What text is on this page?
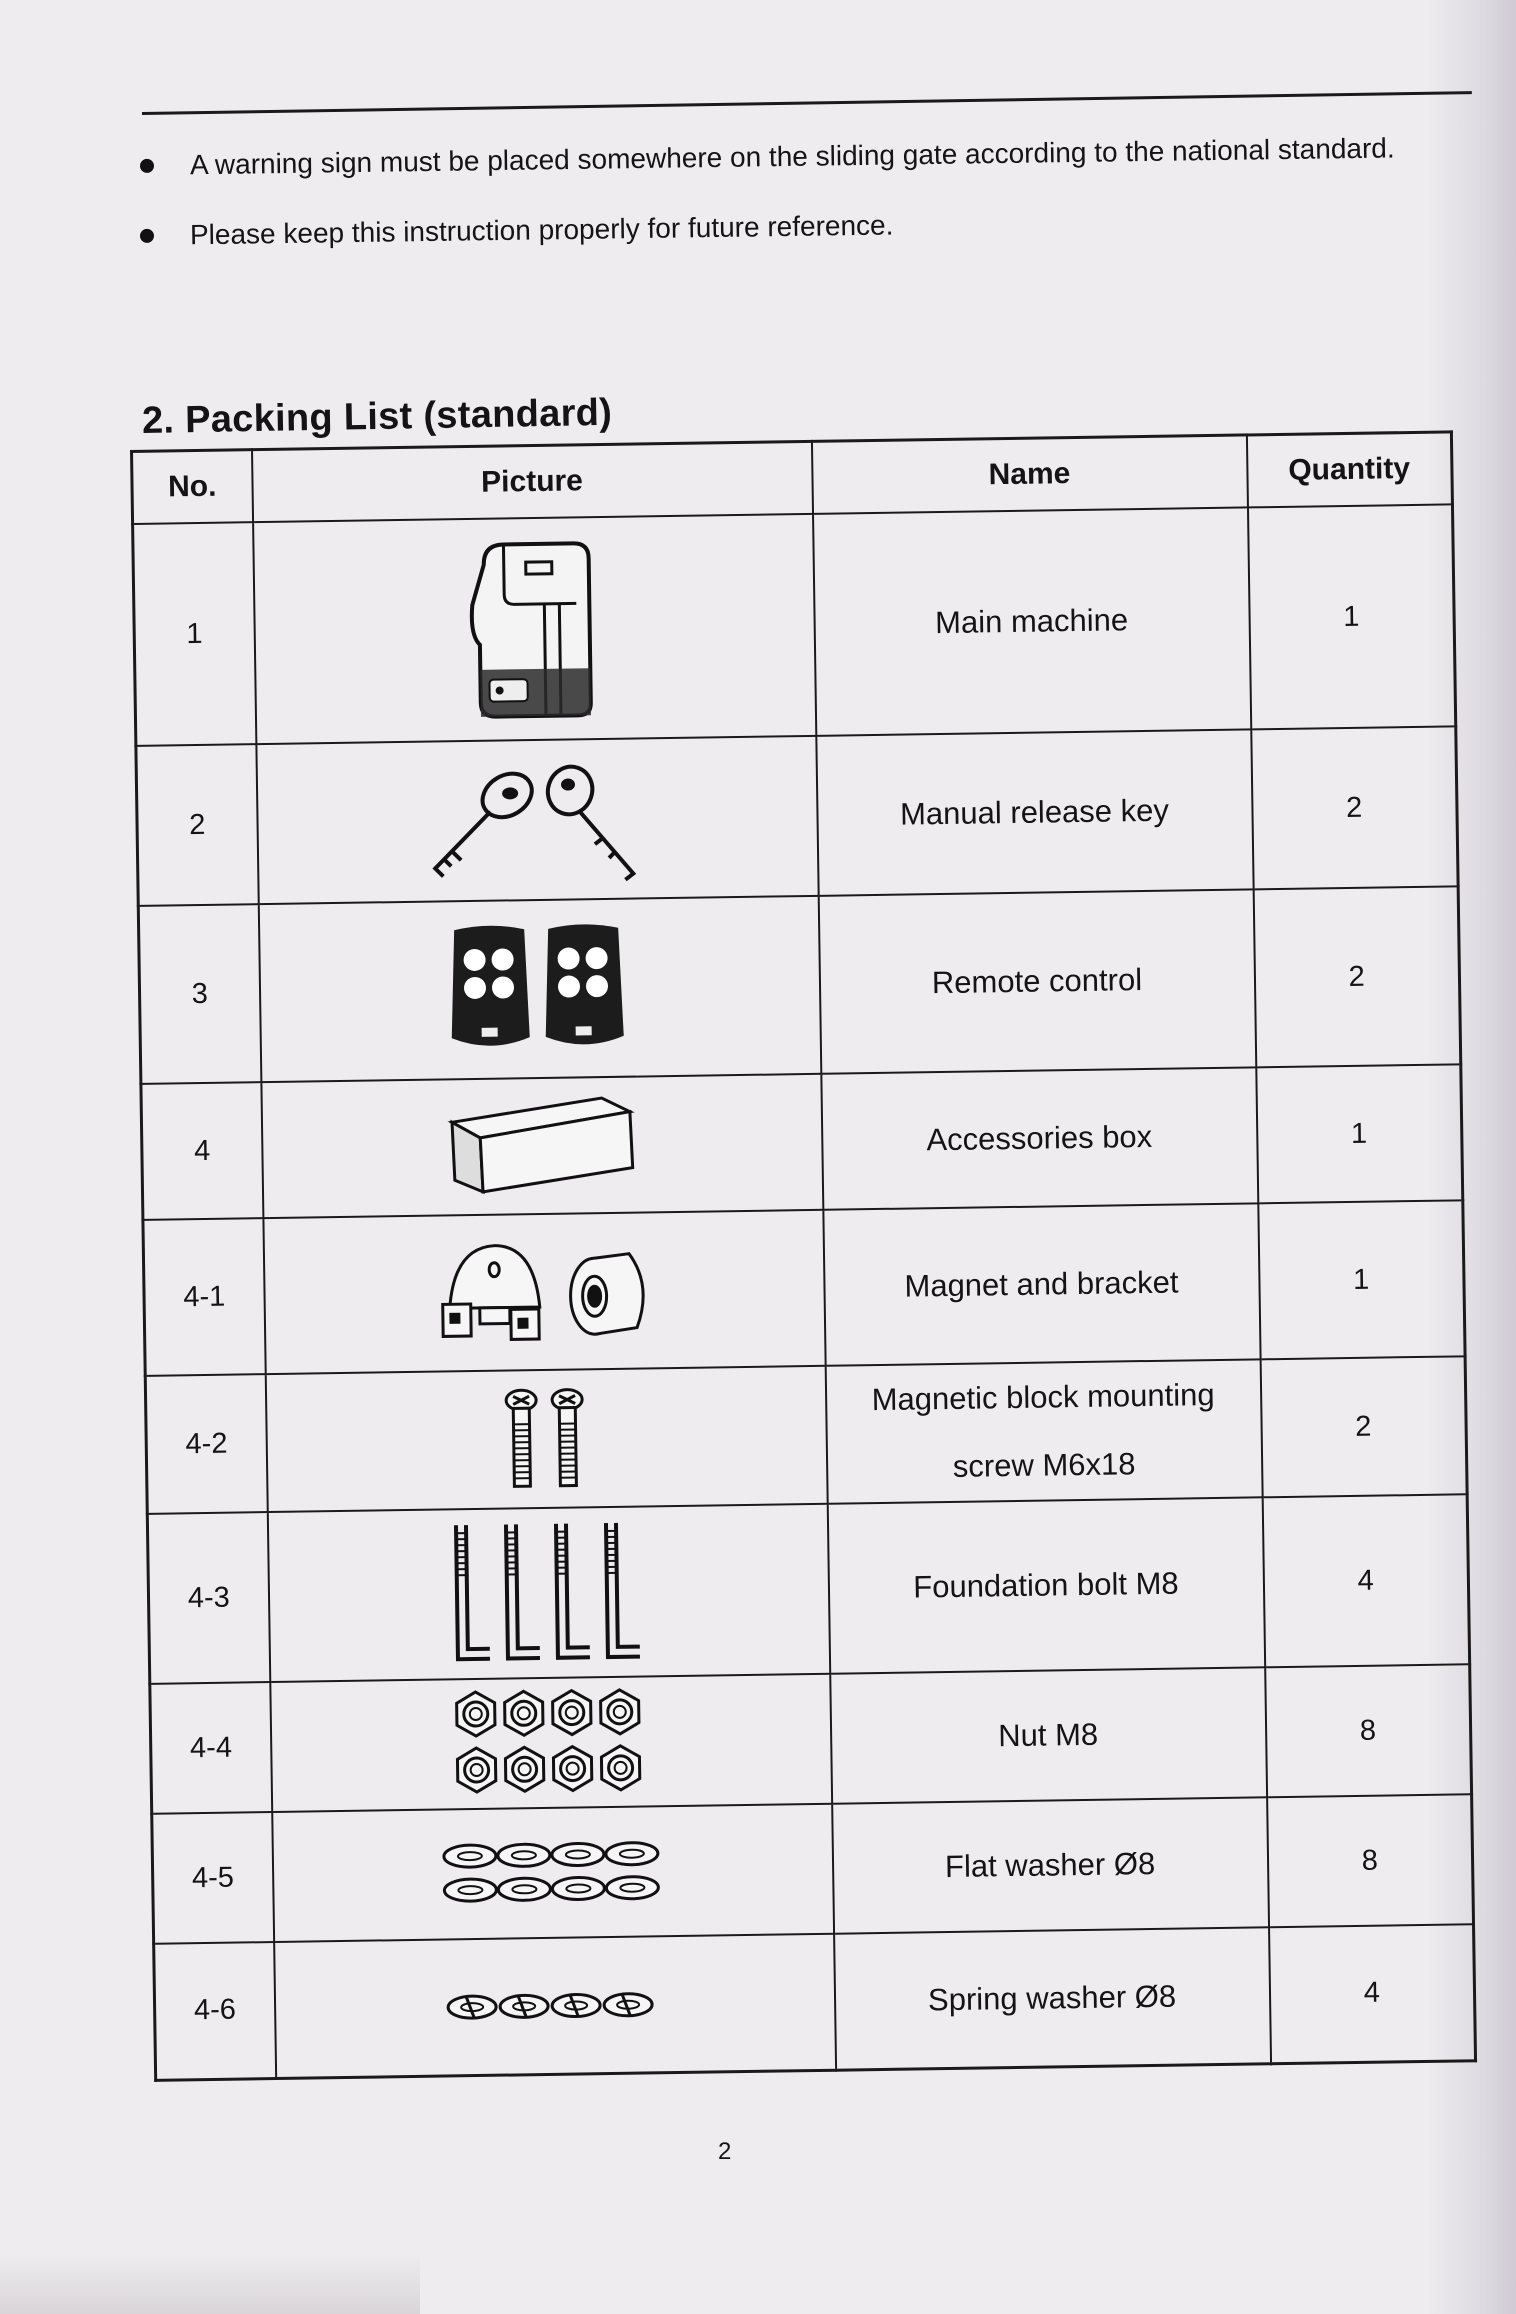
A warning sign must be placed somewhere on the sliding gate according to the national standard.
Please keep this instruction properly for future reference.
2. Packing List (standard)
No.	Picture	Name	Quantity
1		Main machine	1
2		Manual release key	2
3		Remote control	2
4		Accessories box	1
4-1		Magnet and bracket	1
4-2		Magnetic block mounting
screw M6x18	2
4-3		Foundation bolt M8	4
4-4		Nut M8	8
4-5		Flat washer Ø8	8
4-6		Spring washer Ø8	4
2
